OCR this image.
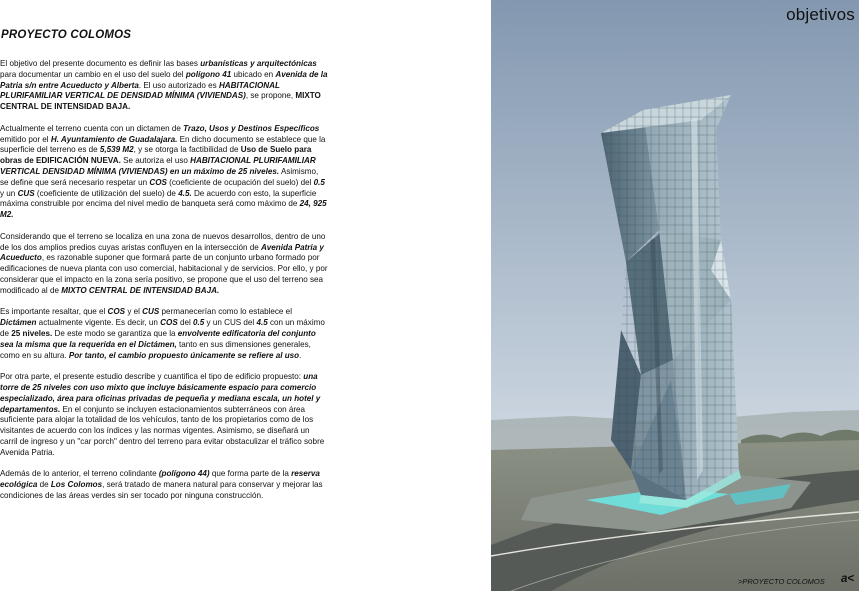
PROYECTO COLOMOS

El objetivo del presente documento es definir las bases urbanísticas y arquitectónicas para documentar un cambio en el uso del suelo del polígono 41 ubicado en Avenida de la Patria s/n entre Acueducto y Alberta. El uso autorizado es HABITACIONAL PLURIFAMILIAR VERTICAL DE DENSIDAD MÍNIMA (VIVIENDAS), se propone, MIXTO CENTRAL DE INTENSIDAD BAJA.

Actualmente el terreno cuenta con un dictamen de Trazo, Usos y Destinos Específicos emitido por el H. Ayuntamiento de Guadalajara. En dicho documento se establece que la superficie del terreno es de 5,539 M2, y se otorga la factibilidad de Uso de Suelo para obras de EDIFICACIÓN NUEVA. Se autoriza el uso HABITACIONAL PLURIFAMILIAR VERTICAL DENSIDAD MÍNIMA (VIVIENDAS) en un máximo de 25 niveles. Asimismo, se define que será necesario respetar un COS (coeficiente de ocupación del suelo) del 0.5 y un CUS (coeficiente de utilización del suelo) de 4.5. De acuerdo con esto, la superficie máxima construible por encima del nivel medio de banqueta será como máximo de 24, 925 M2.

Considerando que el terreno se localiza en una zona de nuevos desarrollos, dentro de uno de los dos amplios predios cuyas aristas confluyen en la intersección de Avenida Patria y Acueducto, es razonable suponer que formará parte de un conjunto urbano formado por edificaciones de nueva planta con uso comercial, habitacional y de servicios. Por ello, y por considerar que el impacto en la zona sería positivo, se propone que el uso del terreno sea modificado al de MIXTO CENTRAL DE INTENSIDAD BAJA.

Es importante resaltar, que el COS y el CUS permanecerían como lo establece el Dictámen actualmente vigente. Es decir, un COS del 0.5 y un CUS del 4.5 con un máximo de 25 niveles. De este modo se garantiza que la envolvente edificatoria del conjunto sea la misma que la requerida en el Dictámen, tanto en sus dimensiones generales, como en su altura. Por tanto, el cambio propuesto únicamente se refiere al uso.

Por otra parte, el presente estudio describe y cuantifica el tipo de edificio propuesto: una torre de 25 niveles con uso mixto que incluye básicamente espacio para comercio especializado, área para oficinas privadas de pequeña y mediana escala, un hotel y departamentos. En el conjunto se incluyen estacionamientos subterráneos con área suficiente para alojar la totalidad de los vehículos, tanto de los propietarios como de los visitantes de acuerdo con los índices y las normas vigentes. Asimismo, se diseñará un carril de ingreso y un "car porch" dentro del terreno para evitar obstaculizar el tráfico sobre Avenida Patria.

Además de lo anterior, el terreno colindante (polígono 44) que forma parte de la reserva ecológica de Los Colomos, será tratado de manera natural para conservar y mejorar las condiciones de las áreas verdes sin ser tocado por ninguna construcción.

objetivos
>PROYECTO COLOMOS a<
